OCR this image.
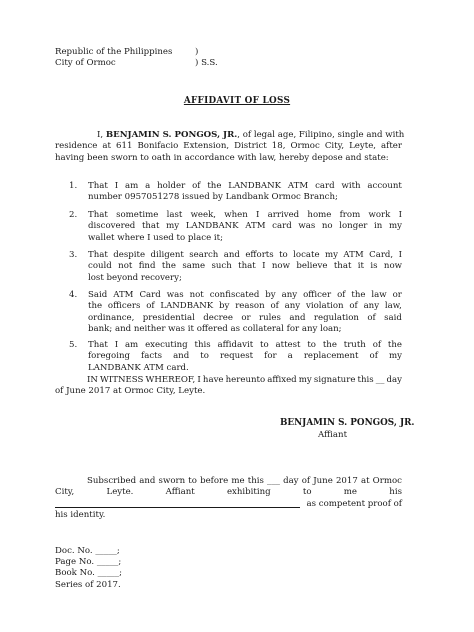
Republic of the Philippines	)
City of Ormoc	) S.S.
AFFIDAVIT OF LOSS
I, BENJAMIN S. PONGOS, JR., of legal age, Filipino, single and with
residence at 611 Bonifacio Extension, District 18, Ormoc City, Leyte, after
having been sworn to oath in accordance with law, hereby depose and state:
1. That I am a holder of the LANDBANK ATM card with account
number 0957051278 issued by Landbank Ormoc Branch;
2. That sometime last week, when I arrived home from work I
discovered that my LANDBANK ATM card was no longer in my
wallet where I used to place it;
3. That despite diligent search and efforts to locate my ATM Card, I
could not find the same such that I now believe that it is now
lost beyond recovery;
4. Said ATM Card was not confiscated by any officer of the law or
the officers of LANDBANK by reason of any violation of any law,
ordinance, presidential decree or rules and regulation of said
bank; and neither was it offered as collateral for any loan;
5. That I am executing this affidavit to attest to the truth of the
foregoing facts and to request for a replacement of my
LANDBANK ATM card.
IN WITNESS WHEREOF, I have hereunto affixed my signature this __ day
of June 2017 at Ormoc City, Leyte.
BENJAMIN S. PONGOS, JR.
Affiant
Subscribed and sworn to before me this ___ day of June 2017 at Ormoc
City,	Leyte.	Affiant	exhibiting	to	me	his
as competent proof of
his identity.
Doc. No. _____;
Page No. _____;
Book No. _____;
Series of 2017.
